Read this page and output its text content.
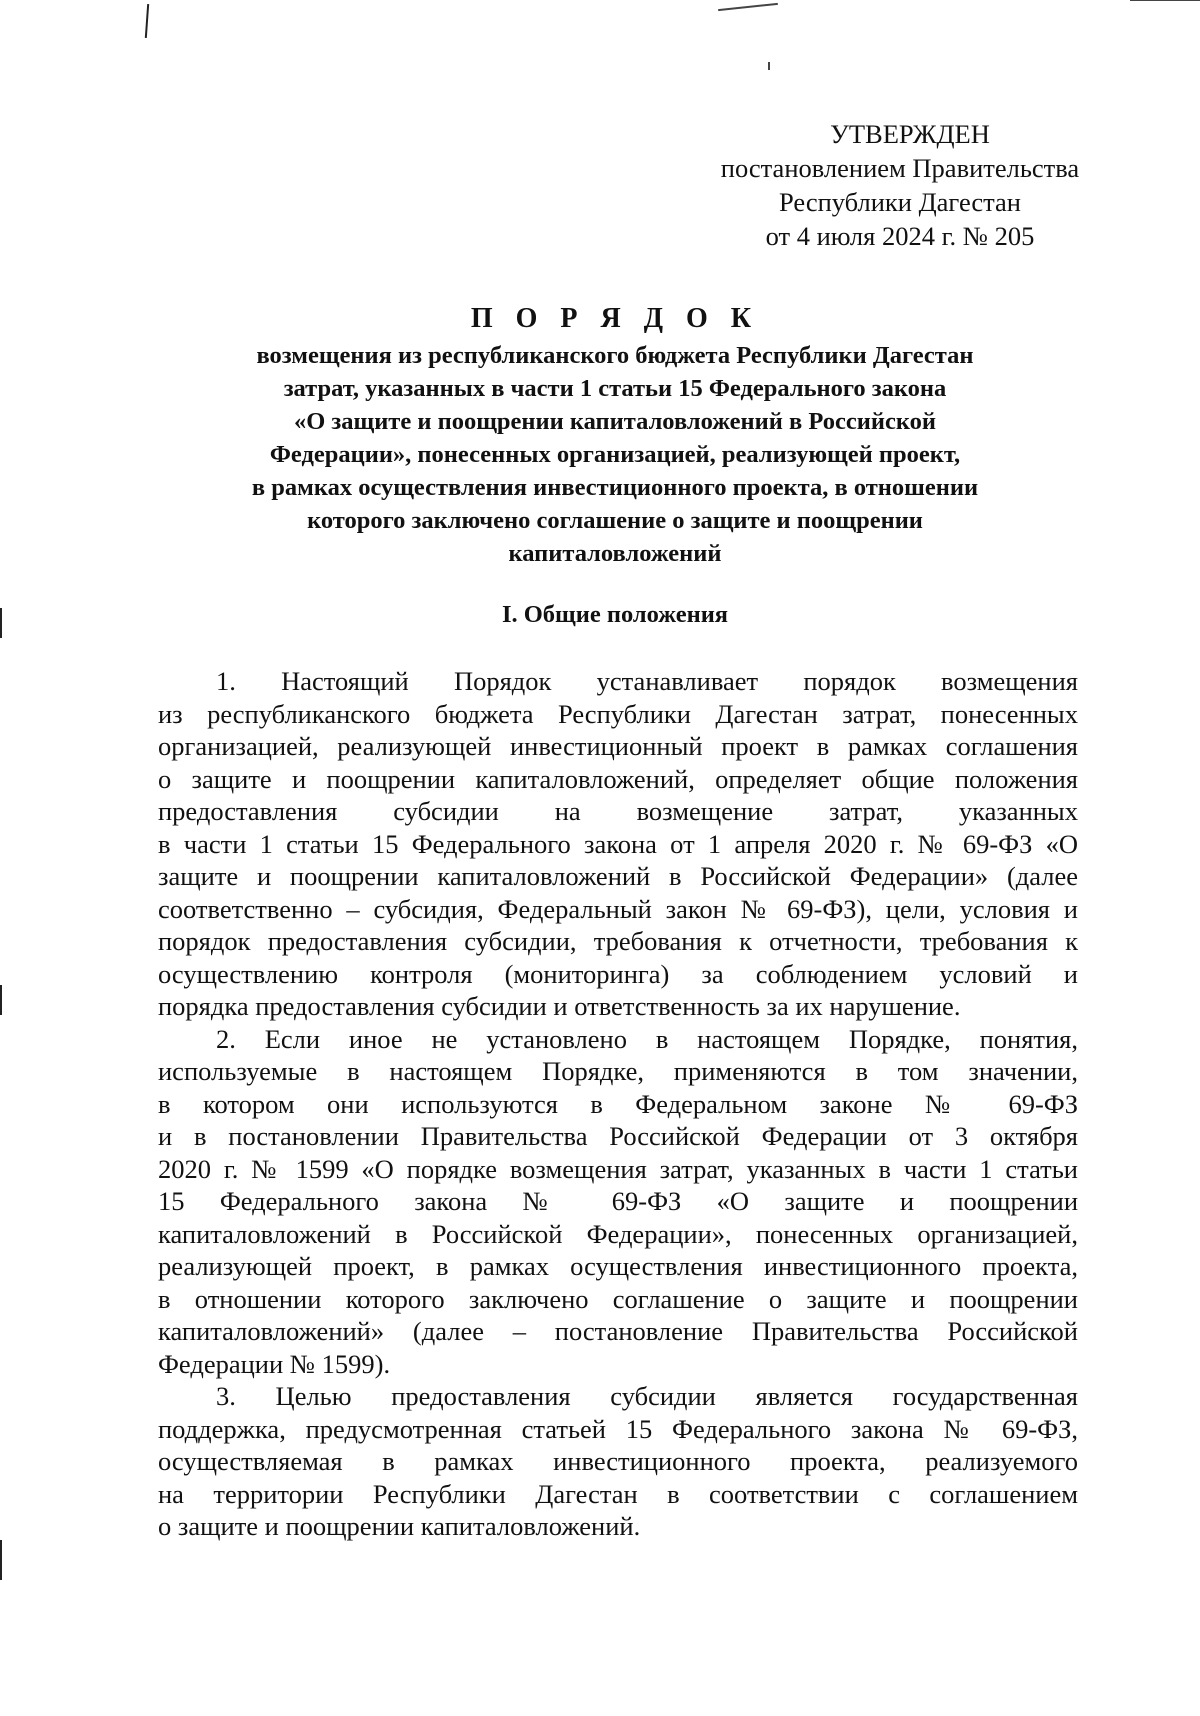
УТВЕРЖДЕН
постановлением Правительства
Республики Дагестан
от 4 июля 2024 г. № 205
П О Р Я Д О К
возмещения из республиканского бюджета Республики Дагестан
затрат, указанных в части 1 статьи 15 Федерального закона
«О защите и поощрении капиталовложений в Российской
Федерации», понесенных организацией, реализующей проект,
в рамках осуществления инвестиционного проекта, в отношении
которого заключено соглашение о защите и поощрении
капиталовложений
I. Общие положения
1. Настоящий Порядок устанавливает порядок возмещения
из республиканского бюджета Республики Дагестан затрат, понесенных
организацией, реализующей инвестиционный проект в рамках соглашения
о защите и поощрении капиталовложений, определяет общие положения
предоставления субсидии на возмещение затрат, указанных
в части 1 статьи 15 Федерального закона от 1 апреля 2020 г. № 69-ФЗ «О
защите и поощрении капиталовложений в Российской Федерации» (далее
соответственно – субсидия, Федеральный закон № 69-ФЗ), цели, условия и
порядок предоставления субсидии, требования к отчетности, требования к
осуществлению контроля (мониторинга) за соблюдением условий и
порядка предоставления субсидии и ответственность за их нарушение.
2. Если иное не установлено в настоящем Порядке, понятия,
используемые в настоящем Порядке, применяются в том значении,
в котором они используются в Федеральном законе № 69-ФЗ
и в постановлении Правительства Российской Федерации от 3 октября
2020 г. № 1599 «О порядке возмещения затрат, указанных в части 1 статьи
15 Федерального закона № 69-ФЗ «О защите и поощрении
капиталовложений в Российской Федерации», понесенных организацией,
реализующей проект, в рамках осуществления инвестиционного проекта,
в отношении которого заключено соглашение о защите и поощрении
капиталовложений» (далее – постановление Правительства Российской
Федерации № 1599).
3. Целью предоставления субсидии является государственная
поддержка, предусмотренная статьей 15 Федерального закона № 69-ФЗ,
осуществляемая в рамках инвестиционного проекта, реализуемого
на территории Республики Дагестан в соответствии с соглашением
о защите и поощрении капиталовложений.
